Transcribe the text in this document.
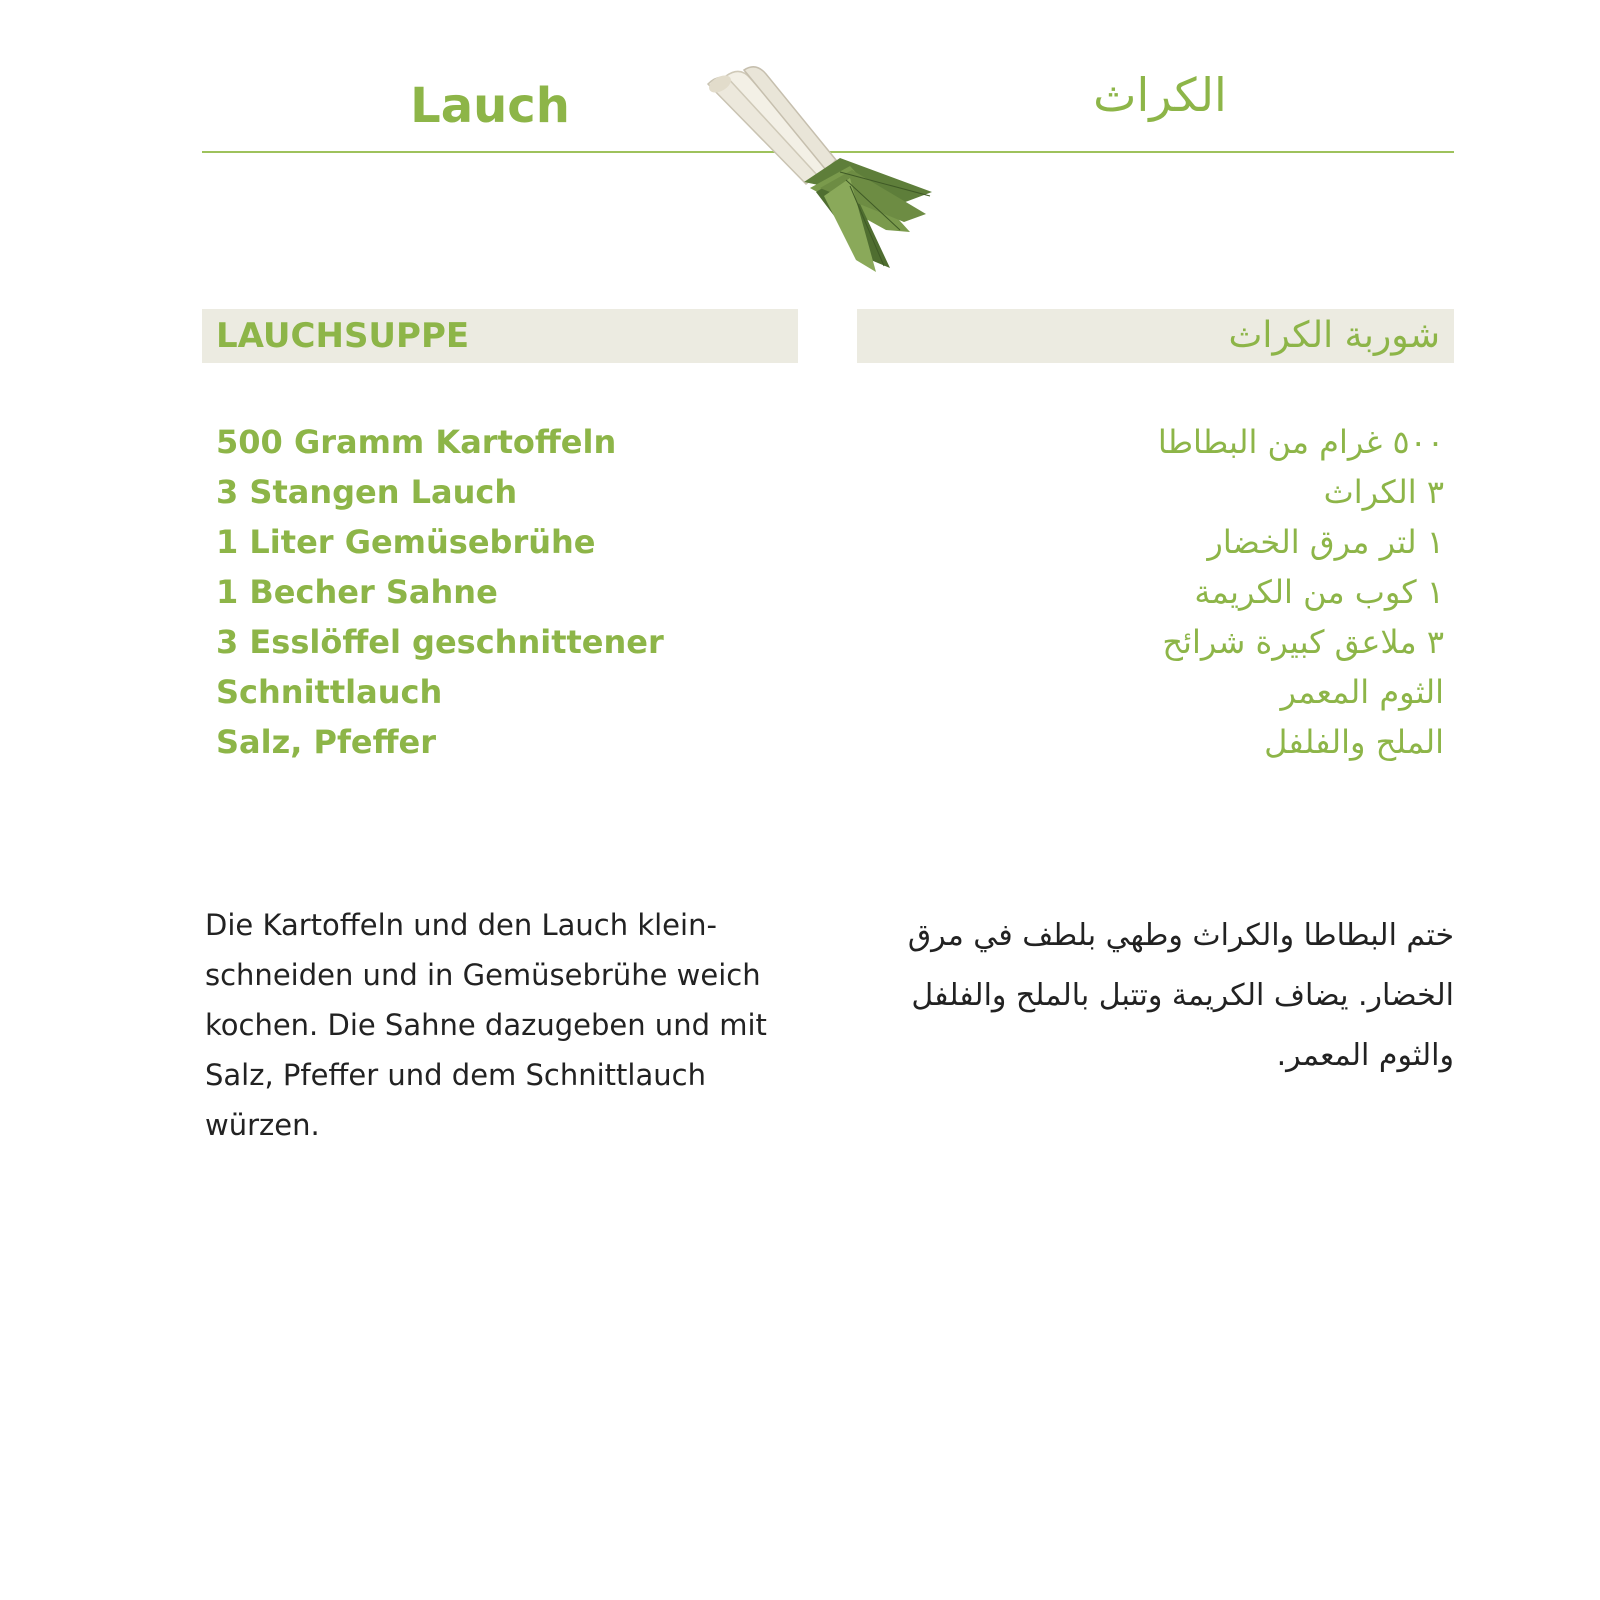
Lauch	الكراث
LAUCHSUPPE	شوربة الكراث
500 Gramm Kartoffeln
3 Stangen Lauch
1 Liter Gemüsebrühe
1 Becher Sahne
3 Esslöffel geschnittener
Schnittlauch
Salz, Pfeffer
٥٠٠ غرام من البطاطا
٣ الكراث
١ لتر مرق الخضار
١ كوب من الكريمة
٣ ملاعق كبيرة شرائح
الثوم المعمر
الملح والفلفل

Die Kartoffeln und den Lauch klein-schneiden und in Gemüsebrühe weich kochen. Die Sahne dazugeben und mit Salz, Pfeffer und dem Schnittlauch würzen.

ختم البطاطا والكراث وطهي بلطف في مرق الخضار. يضاف الكريمة وتتبل بالملح والفلفل والثوم المعمر.
